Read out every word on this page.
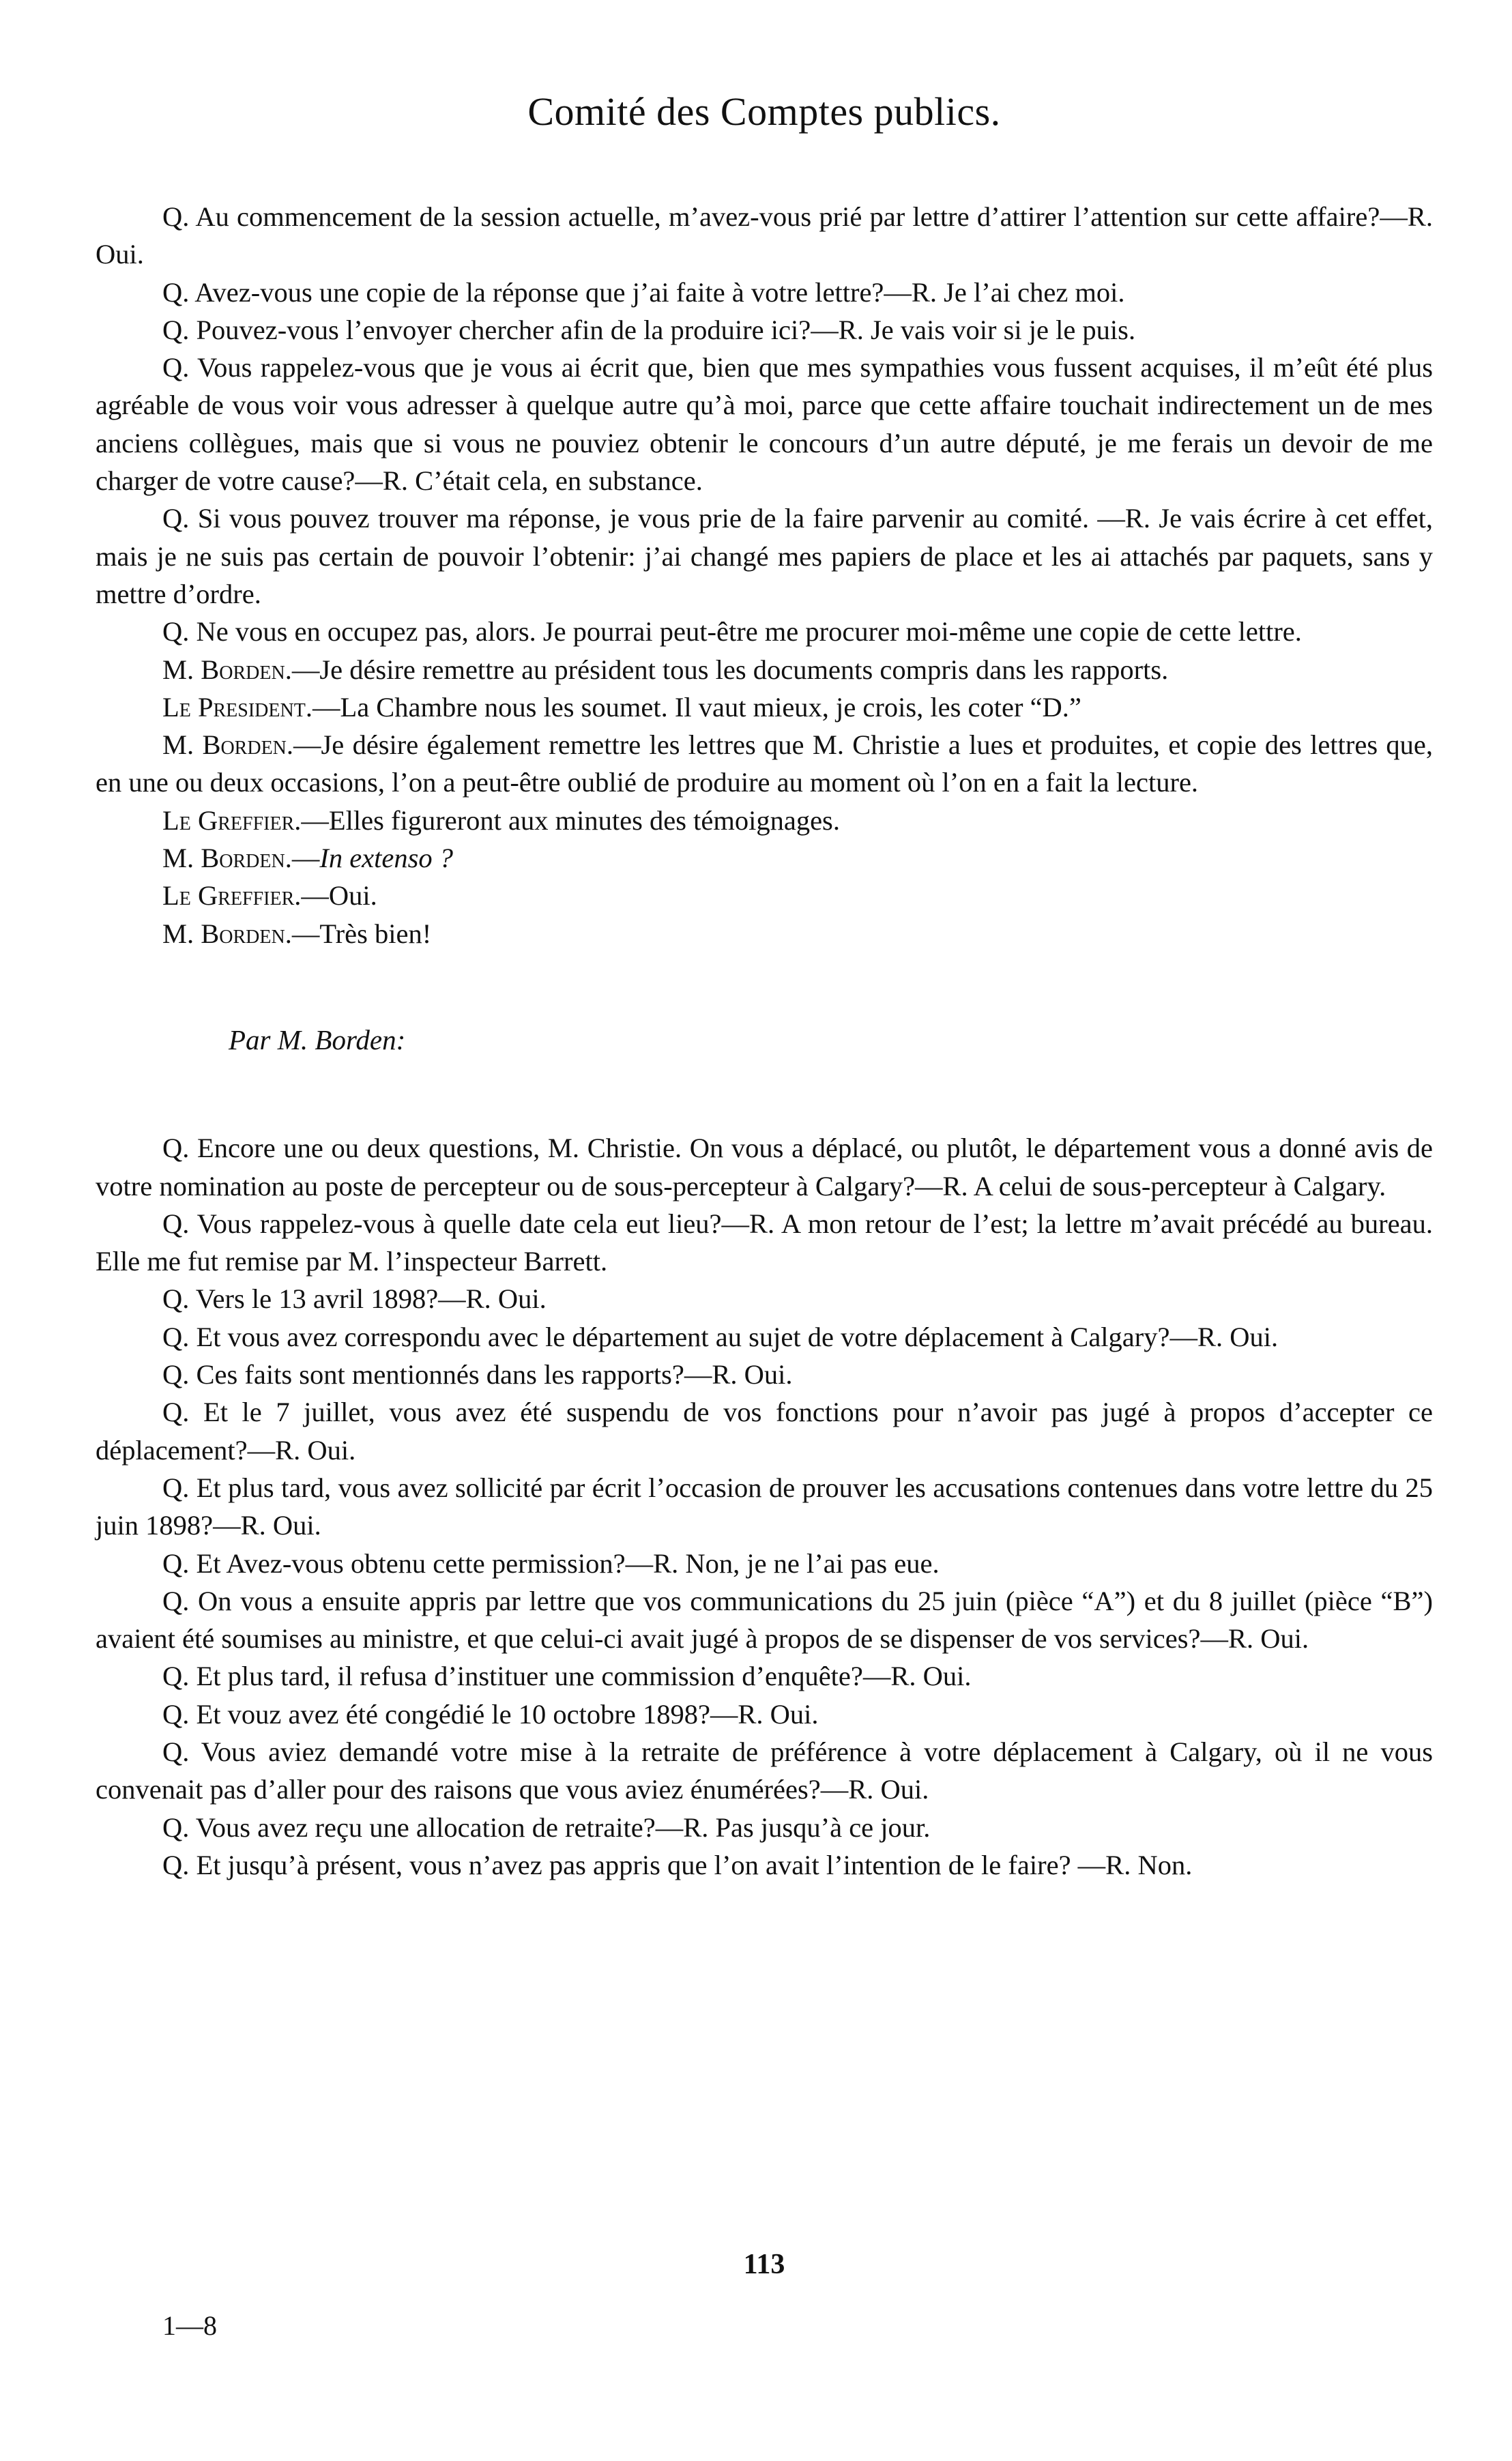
Comité des Comptes publics.

Q. Au commencement de la session actuelle, m’avez-vous prié par lettre d’attirer l’attention sur cette affaire?—R. Oui.

Q. Avez-vous une copie de la réponse que j’ai faite à votre lettre?—R. Je l’ai chez moi.

Q. Pouvez-vous l’envoyer chercher afin de la produire ici?—R. Je vais voir si je le puis.

Q. Vous rappelez-vous que je vous ai écrit que, bien que mes sympathies vous fussent acquises, il m’eût été plus agréable de vous voir vous adresser à quelque autre qu’à moi, parce que cette affaire touchait indirectement un de mes anciens collègues, mais que si vous ne pouviez obtenir le concours d’un autre député, je me ferais un devoir de me charger de votre cause?—R. C’était cela, en substance.

Q. Si vous pouvez trouver ma réponse, je vous prie de la faire parvenir au comité. —R. Je vais écrire à cet effet, mais je ne suis pas certain de pouvoir l’obtenir: j’ai changé mes papiers de place et les ai attachés par paquets, sans y mettre d’ordre.

Q. Ne vous en occupez pas, alors. Je pourrai peut-être me procurer moi-même une copie de cette lettre.

M. Borden.—Je désire remettre au président tous les documents compris dans les rapports.

Le President.—La Chambre nous les soumet. Il vaut mieux, je crois, les coter “D.”

M. Borden.—Je désire également remettre les lettres que M. Christie a lues et produites, et copie des lettres que, en une ou deux occasions, l’on a peut-être oublié de produire au moment où l’on en a fait la lecture.

Le Greffier.—Elles figureront aux minutes des témoignages.

M. Borden.—In extenso ?

Le Greffier.—Oui.

M. Borden.—Très bien!

Par M. Borden:

Q. Encore une ou deux questions, M. Christie. On vous a déplacé, ou plutôt, le département vous a donné avis de votre nomination au poste de percepteur ou de sous-percepteur à Calgary?—R. A celui de sous-percepteur à Calgary.

Q. Vous rappelez-vous à quelle date cela eut lieu?—R. A mon retour de l’est; la lettre m’avait précédé au bureau. Elle me fut remise par M. l’inspecteur Barrett.

Q. Vers le 13 avril 1898?—R. Oui.

Q. Et vous avez correspondu avec le département au sujet de votre déplacement à Calgary?—R. Oui.

Q. Ces faits sont mentionnés dans les rapports?—R. Oui.

Q. Et le 7 juillet, vous avez été suspendu de vos fonctions pour n’avoir pas jugé à propos d’accepter ce déplacement?—R. Oui.

Q. Et plus tard, vous avez sollicité par écrit l’occasion de prouver les accusations contenues dans votre lettre du 25 juin 1898?—R. Oui.

Q. Et Avez-vous obtenu cette permission?—R. Non, je ne l’ai pas eue.

Q. On vous a ensuite appris par lettre que vos communications du 25 juin (pièce “A”) et du 8 juillet (pièce “B”) avaient été soumises au ministre, et que celui-ci avait jugé à propos de se dispenser de vos services?—R. Oui.

Q. Et plus tard, il refusa d’instituer une commission d’enquête?—R. Oui.

Q. Et vouz avez été congédié le 10 octobre 1898?—R. Oui.

Q. Vous aviez demandé votre mise à la retraite de préférence à votre déplacement à Calgary, où il ne vous convenait pas d’aller pour des raisons que vous aviez énumérées?—R. Oui.

Q. Vous avez reçu une allocation de retraite?—R. Pas jusqu’à ce jour.

Q. Et jusqu’à présent, vous n’avez pas appris que l’on avait l’intention de le faire? —R. Non.

113
1—8
